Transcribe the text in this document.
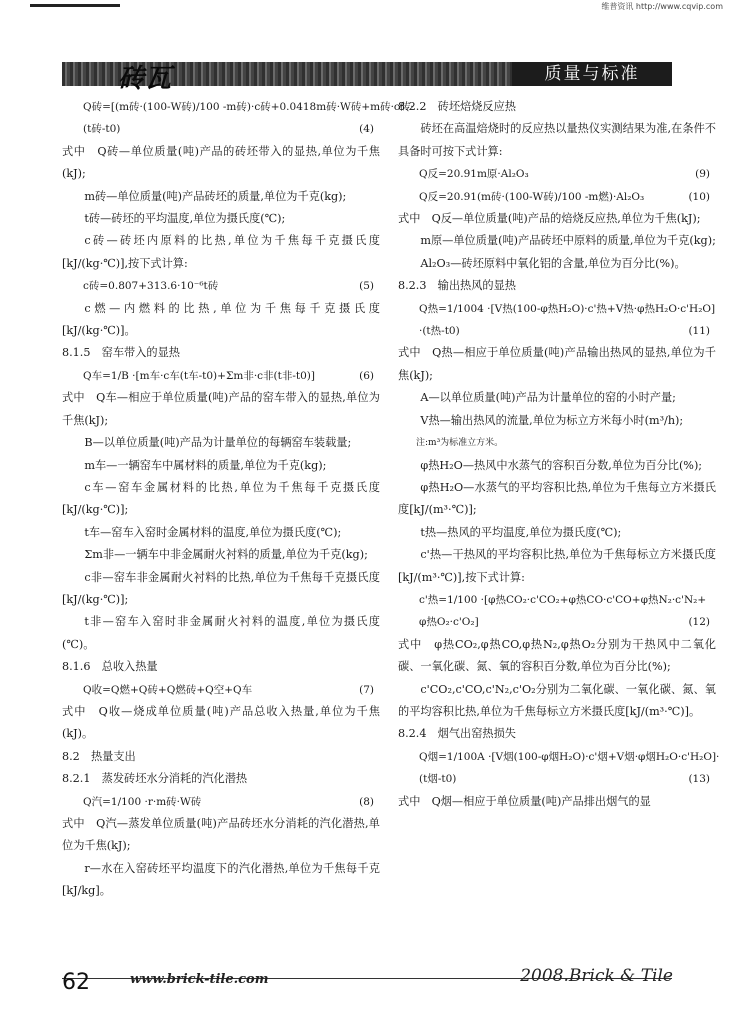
维普资讯 http://www.cqvip.com
砖瓦	质量与标准
Q砖=[(m砖·(100-W砖)/100 -m砖)·c砖+0.0418m砖·W砖+m砖·c砖·
(t砖-t0)	(4)

式中　Q砖—单位质量(吨)产品的砖坯带入的显热,单位为千焦(kJ);

m砖—单位质量(吨)产品砖坯的质量,单位为千克(kg);

t砖—砖坯的平均温度,单位为摄氏度(℃);

c砖—砖坯内原料的比热,单位为千焦每千克摄氏度[kJ/(kg·℃)],按下式计算:

c砖=0.807+313.6·10⁻⁶t砖	(5)

c燃—内燃料的比热,单位为千焦每千克摄氏度[kJ/(kg·℃)]。

8.1.5　窑车带入的显热

Q车=1/B ·[m车·c车(t车-t0)+Σm非·c非(t非-t0)]	(6)

式中　Q车—相应于单位质量(吨)产品的窑车带入的显热,单位为千焦(kJ);

B—以单位质量(吨)产品为计量单位的每辆窑车装载量;

m车—一辆窑车中属材料的质量,单位为千克(kg);

c车—窑车金属材料的比热,单位为千焦每千克摄氏度[kJ/(kg·℃)];

t车—窑车入窑时金属材料的温度,单位为摄氏度(℃);

Σm非—一辆车中非金属耐火衬料的质量,单位为千克(kg);

c非—窑车非金属耐火衬料的比热,单位为千焦每千克摄氏度[kJ/(kg·℃)];

t非—窑车入窑时非金属耐火衬料的温度,单位为摄氏度(℃)。

8.1.6　总收入热量

Q收=Q燃+Q砖+Q燃砖+Q空+Q车	(7)

式中　Q收—烧成单位质量(吨)产品总收入热量,单位为千焦(kJ)。

8.2　热量支出

8.2.1　蒸发砖坯水分消耗的汽化潜热

Q汽=1/100 ·r·m砖·W砖	(8)

式中　Q汽—蒸发单位质量(吨)产品砖坯水分消耗的汽化潜热,单位为千焦(kJ);

r—水在入窑砖坯平均温度下的汽化潜热,单位为千焦每千克[kJ/kg]。

8.2.2　砖坯焙烧反应热

砖坯在高温焙烧时的反应热以量热仪实测结果为准,在条件不具备时可按下式计算:

Q反=20.91m原·Al₂O₃	(9)
Q反=20.91(m砖·(100-W砖)/100 -m燃)·Al₂O₃	(10)

式中　Q反—单位质量(吨)产品的焙烧反应热,单位为千焦(kJ);

m原—单位质量(吨)产品砖坯中原料的质量,单位为千克(kg);

Al₂O₃—砖坯原料中氧化铝的含量,单位为百分比(%)。

8.2.3　输出热风的显热

Q热=1/1004 ·[V热(100-φ热H₂O)·c'热+V热·φ热H₂O·c'H₂O]
·(t热-t0)	(11)

式中　Q热—相应于单位质量(吨)产品输出热风的显热,单位为千焦(kJ);

A—以单位质量(吨)产品为计量单位的窑的小时产量;

V热—输出热风的流量,单位为标立方米每小时(m³/h);

注:m³为标准立方米。

φ热H₂O—热风中水蒸气的容积百分数,单位为百分比(%);

φ热H₂O—水蒸气的平均容积比热,单位为千焦每立方米摄氏度[kJ/(m³·℃)];

t热—热风的平均温度,单位为摄氏度(℃);

c'热—干热风的平均容积比热,单位为千焦每标立方米摄氏度[kJ/(m³·℃)],按下式计算:

c'热=1/100 ·[φ热CO₂·c'CO₂+φ热CO·c'CO+φ热N₂·c'N₂+
φ热O₂·c'O₂]	(12)

式中　φ热CO₂,φ热CO,φ热N₂,φ热O₂分别为干热风中二氧化碳、一氧化碳、氮、氧的容积百分数,单位为百分比(%);

c'CO₂,c'CO,c'N₂,c'O₂分别为二氧化碳、一氧化碳、氮、氧的平均容积比热,单位为千焦每标立方米摄氏度[kJ/(m³·℃)]。

8.2.4　烟气出窑热损失

Q烟=1/100A ·[V烟(100-φ烟H₂O)·c'烟+V烟·φ烟H₂O·c'H₂O]·
(t烟-t0)	(13)

式中　Q烟—相应于单位质量(吨)产品排出烟气的显

62	www.brick-tile.com	2008.Brick & Tile
